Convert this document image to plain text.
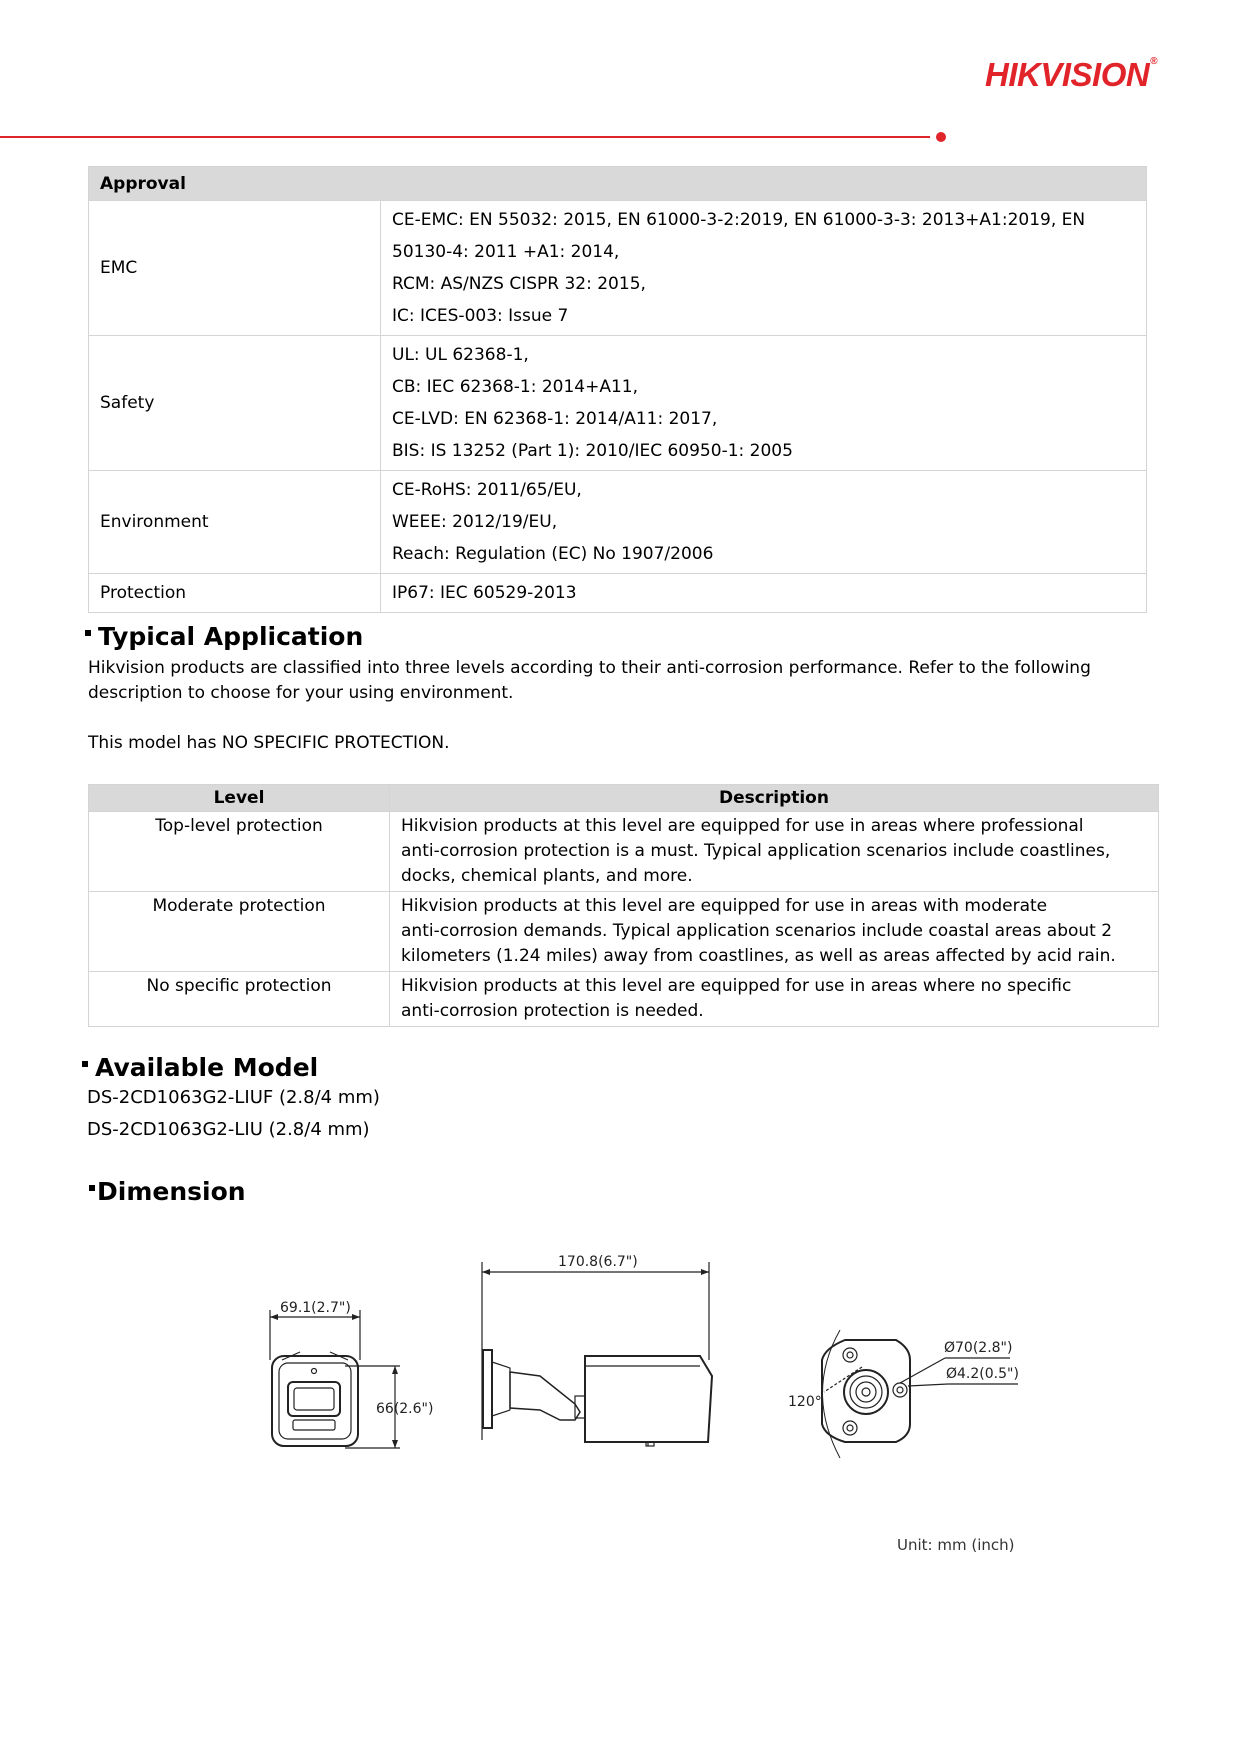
HIKVISION®
Approval	
EMC	CE-EMC: EN 55032: 2015, EN 61000-3-2:2019, EN 61000-3-3: 2013+A1:2019, EN
50130-4: 2011 +A1: 2014,
RCM: AS/NZS CISPR 32: 2015,
IC: ICES-003: Issue 7

Safety	UL: UL 62368-1,
CB: IEC 62368-1: 2014+A11,
CE-LVD: EN 62368-1: 2014/A11: 2017,
BIS: IS 13252 (Part 1): 2010/IEC 60950-1: 2005

Environment	CE-RoHS: 2011/65/EU,
WEEE: 2012/19/EU,
Reach: Regulation (EC) No 1907/2006

Protection	IP67: IEC 60529-2013
Typical Application
Hikvision products are classified into three levels according to their anti-corrosion performance. Refer to the following
description to choose for your using environment.
This model has NO SPECIFIC PROTECTION.
Level	Description
Top-level protection	Hikvision products at this level are equipped for use in areas where professional
anti-corrosion protection is a must. Typical application scenarios include coastlines,
docks, chemical plants, and more.

Moderate protection	Hikvision products at this level are equipped for use in areas with moderate
anti-corrosion demands. Typical application scenarios include coastal areas about 2
kilometers (1.24 miles) away from coastlines, as well as areas affected by acid rain.

No specific protection	Hikvision products at this level are equipped for use in areas where no specific
anti-corrosion protection is needed.
Available Model
DS-2CD1063G2-LIUF (2.8/4 mm)
DS-2CD1063G2-LIU (2.8/4 mm)
Dimension
69.1(2.7")
66(2.6")
170.8(6.7")
Ø70(2.8")
Ø4.2(0.5")
120°
Unit: mm (inch)
